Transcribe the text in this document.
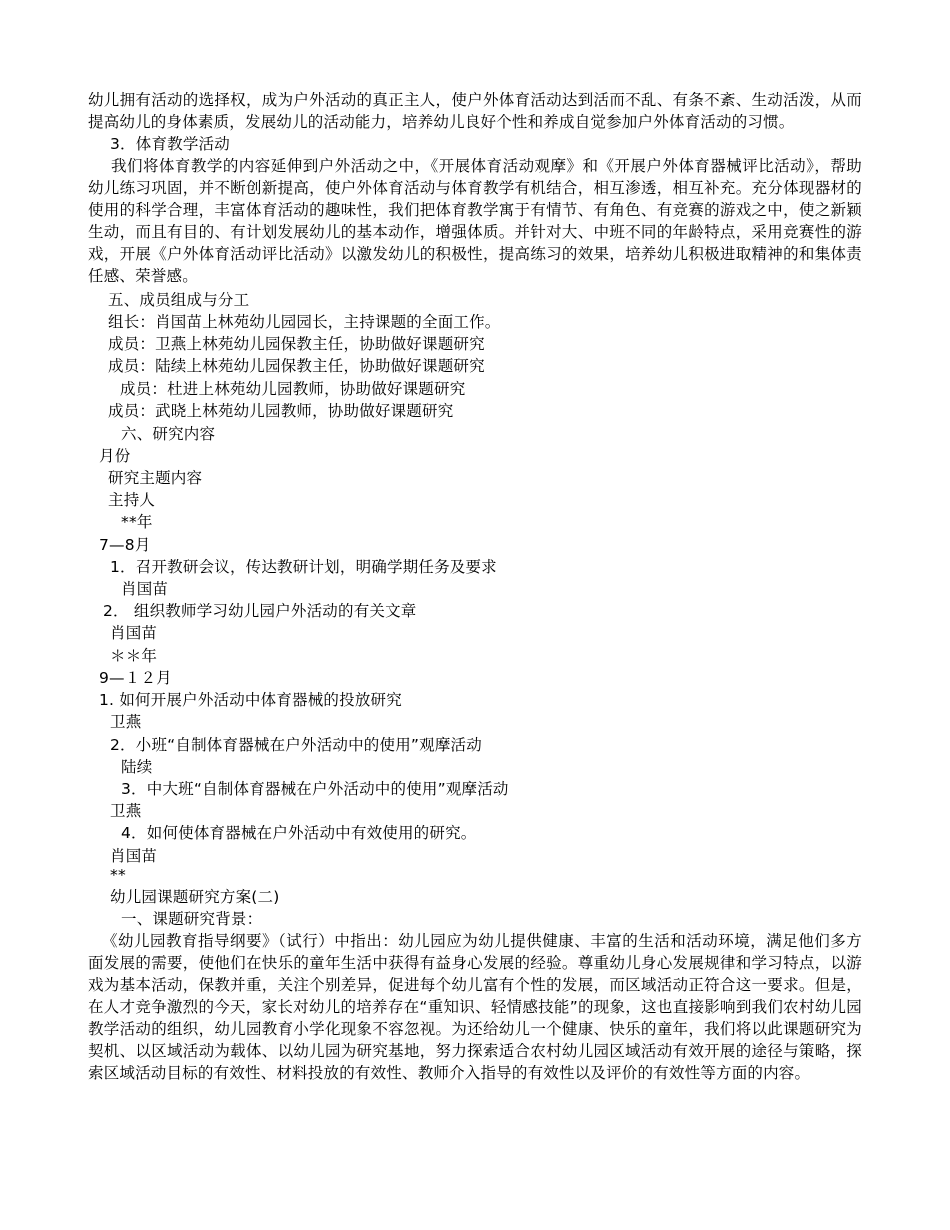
幼儿拥有活动的选择权，成为户外活动的真正主人，使户外体育活动达到活而不乱、有条不紊、生动活泼，从而提高幼儿的身体素质，发展幼儿的活动能力，培养幼儿良好个性和养成自觉参加户外体育活动的习惯。
3．体育教学活动
我们将体育教学的内容延伸到户外活动之中，《开展体育活动观摩》和《开展户外体育器械评比活动》，帮助幼儿练习巩固，并不断创新提高，使户外体育活动与体育教学有机结合，相互渗透，相互补充。充分体现器材的使用的科学合理，丰富体育活动的趣味性，我们把体育教学寓于有情节、有角色、有竞赛的游戏之中，使之新颖生动，而且有目的、有计划发展幼儿的基本动作，增强体质。并针对大、中班不同的年龄特点，采用竞赛性的游戏，开展《户外体育活动评比活动》以激发幼儿的积极性，提高练习的效果，培养幼儿积极进取精神的和集体责任感、荣誉感。
五、成员组成与分工
组长：肖国苗上林苑幼儿园园长，主持课题的全面工作。
成员：卫燕上林苑幼儿园保教主任，协助做好课题研究
成员：陆续上林苑幼儿园保教主任，协助做好课题研究
成员：杜进上林苑幼儿园教师，协助做好课题研究
成员：武晓上林苑幼儿园教师，协助做好课题研究
六、研究内容
月份
研究主题内容
主持人
**年
7—8月
1．召开教研会议，传达教研计划，明确学期任务及要求
肖国苗
2． 组织教师学习幼儿园户外活动的有关文章
肖国苗
＊＊年
9—１２月
1. 如何开展户外活动中体育器械的投放研究
卫燕
2．小班“自制体育器械在户外活动中的使用”观摩活动
陆续
3．中大班“自制体育器械在户外活动中的使用”观摩活动
卫燕
4．如何使体育器械在户外活动中有效使用的研究。
肖国苗
**
幼儿园课题研究方案(二)
一、课题研究背景：
《幼儿园教育指导纲要》（试行）中指出：幼儿园应为幼儿提供健康、丰富的生活和活动环境，满足他们多方面发展的需要，使他们在快乐的童年生活中获得有益身心发展的经验。尊重幼儿身心发展规律和学习特点，以游戏为基本活动，保教并重，关注个别差异，促进每个幼儿富有个性的发展，而区域活动正符合这一要求。但是，在人才竞争激烈的今天，家长对幼儿的培养存在“重知识、轻情感技能”的现象，这也直接影响到我们农村幼儿园教学活动的组织，幼儿园教育小学化现象不容忽视。为还给幼儿一个健康、快乐的童年，我们将以此课题研究为契机、以区域活动为载体、以幼儿园为研究基地，努力探索适合农村幼儿园区域活动有效开展的途径与策略，探索区域活动目标的有效性、材料投放的有效性、教师介入指导的有效性以及评价的有效性等方面的内容。
